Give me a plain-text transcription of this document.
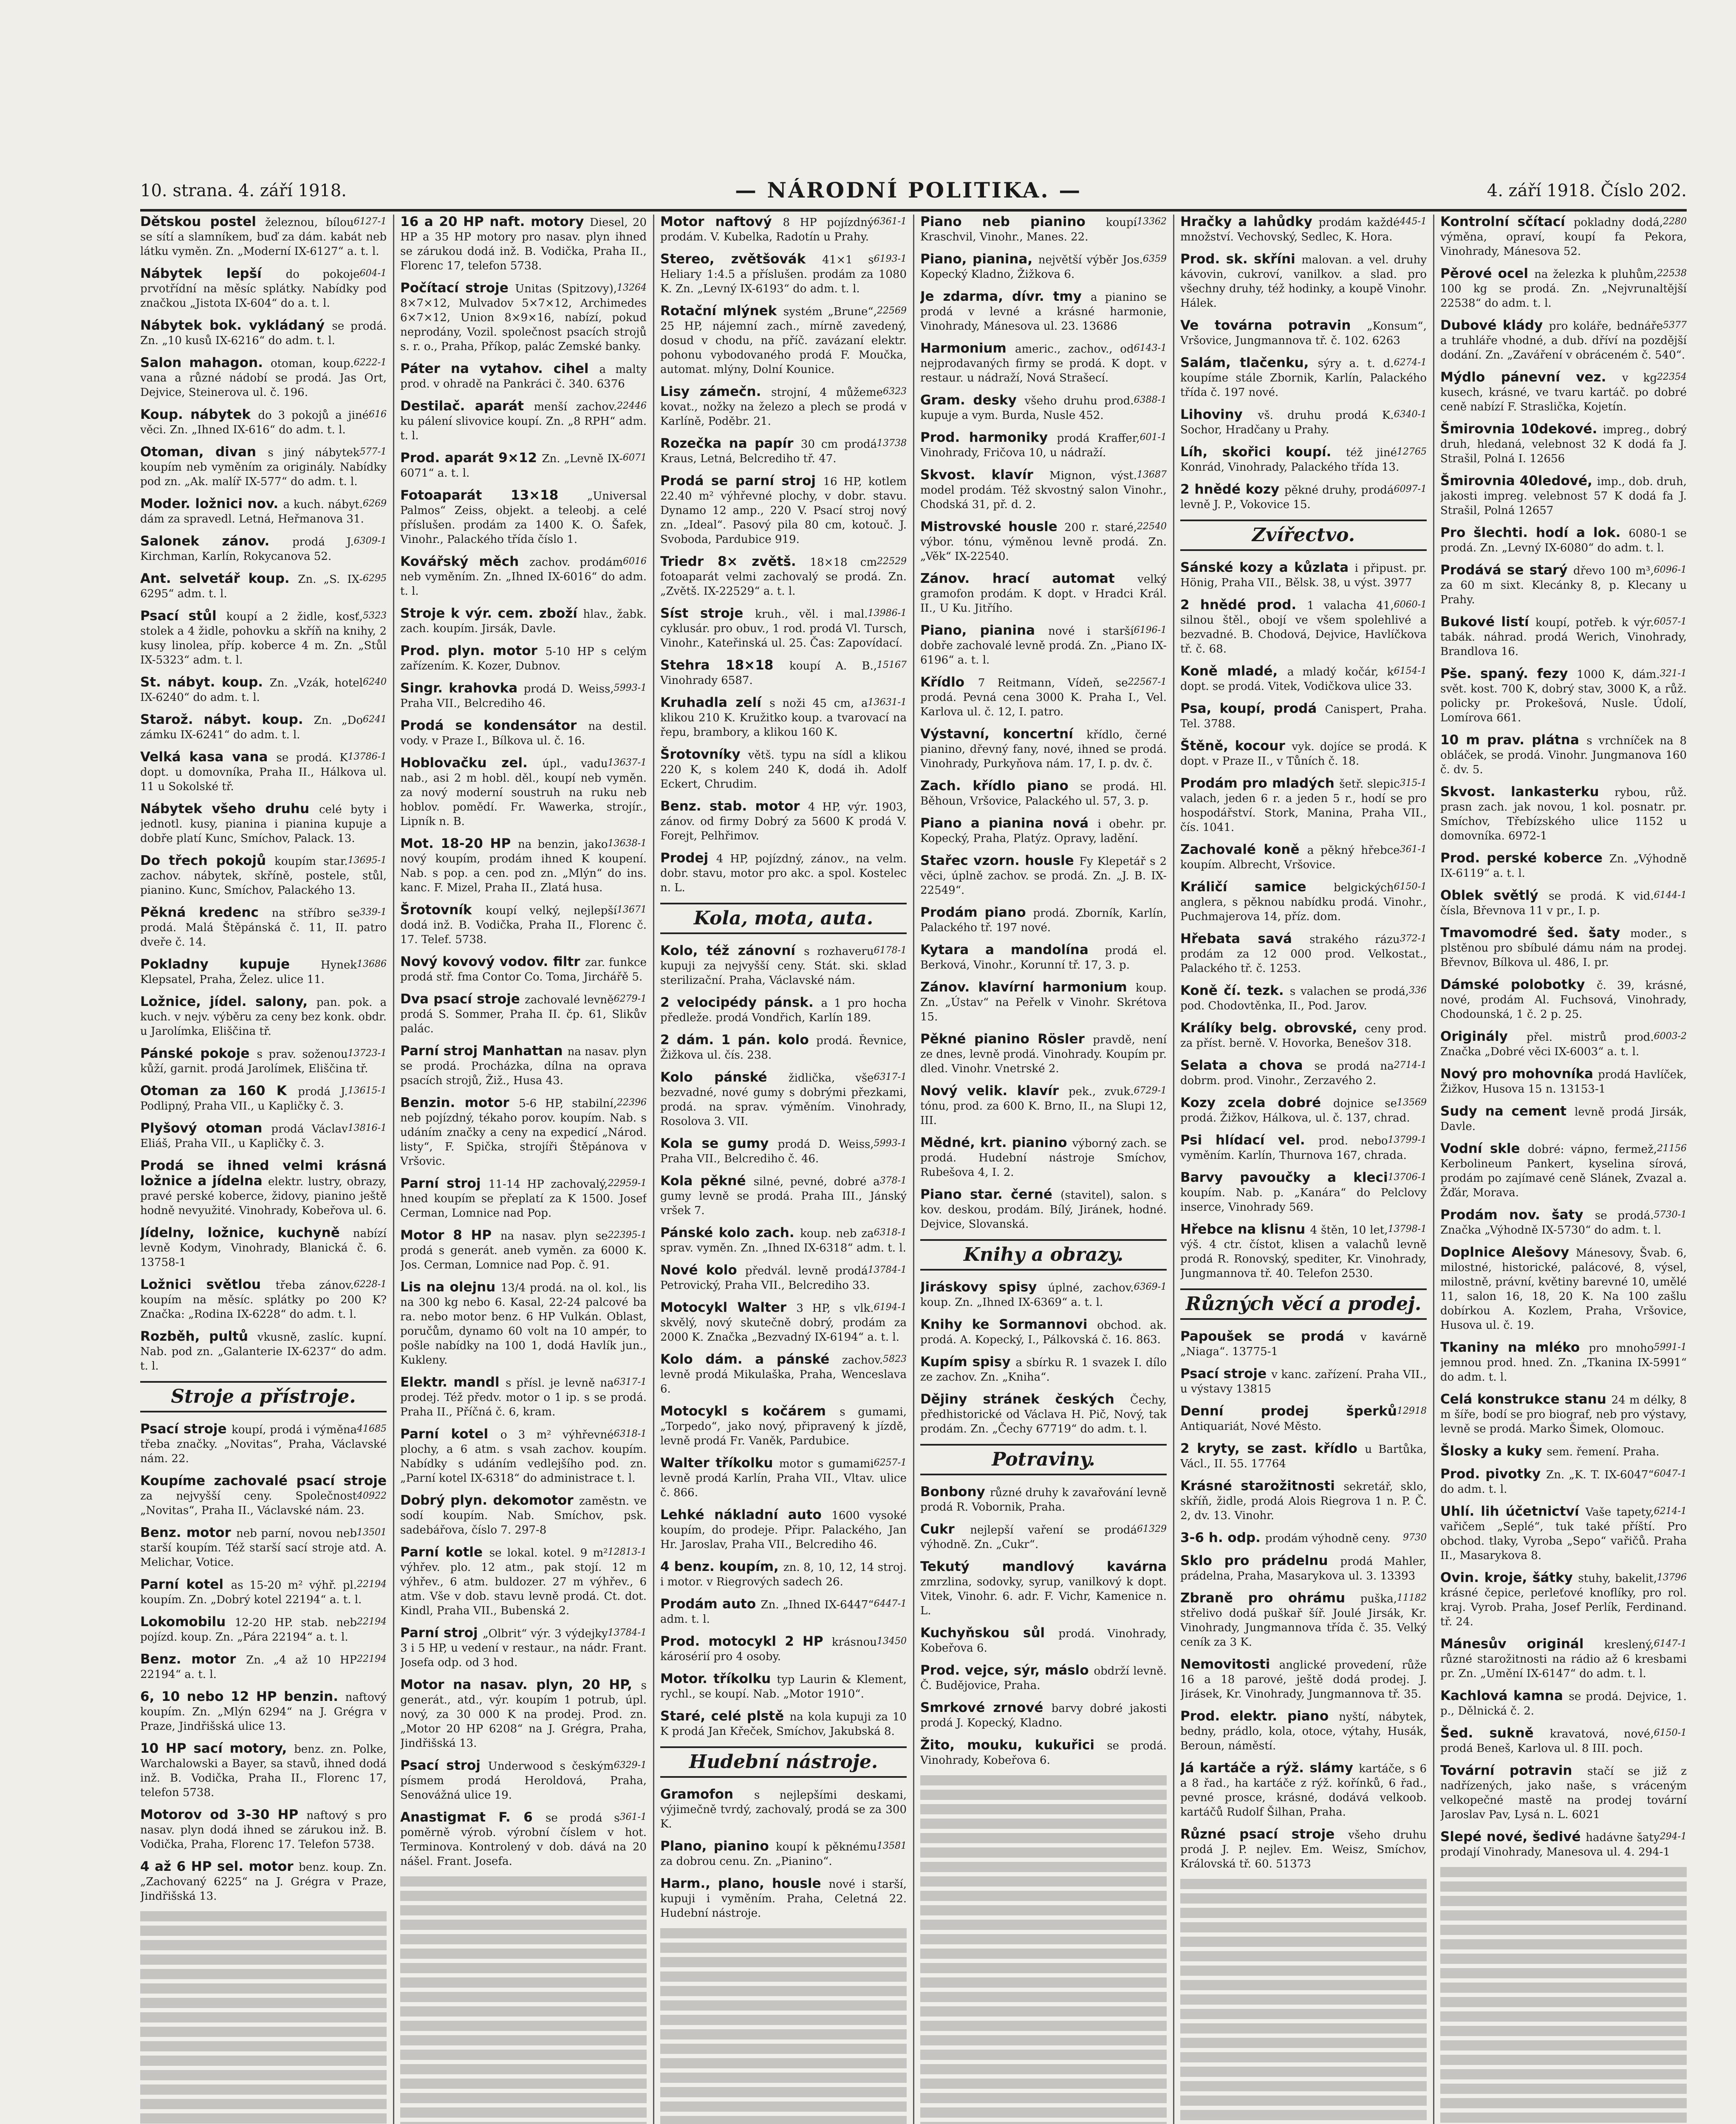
10. strana. 4. září 1918.	— NÁRODNÍ POLITIKA. —	4. září 1918. Číslo 202.
Dětskou postel	6127-1
železnou, bílou se sítí a slamníkem, buď za dám. kabát neb látku vyměn. Zn. „Moderní IX-6127“ a. t. l.
Nábytek lepší	604-1
do pokoje prvotřídní na měsíc splátky. Nabídky pod značkou „Jistota IX-604“ do a. t. l.
Nábytek bok. vykládaný se prodá. Zn. „10 kusů IX-6216“ do adm. t. l.
Salon mahagon.	6222-1
otoman, koup. vana a různé nádobí se prodá. Jas Ort, Dejvice, Steinerova ul. č. 196.
Koup. nábytek	616
do 3 pokojů a jiné věci. Zn. „Ihned IX-616“ do adm. t. l.
Otoman, divan	577-1
s jiný nábytek koupím neb vyměním za originály. Nabídky pod zn. „Ak. malíř IX-577“ do adm. t. l.
Moder. ložnici nov.	6269
a kuch. nábyt. dám za spravedl. Letná, Heřmanova 31.
Salonek zánov.	6309-1
prodá J. Kirchman, Karlín, Rokycanova 52.
Ant. selvetář koup.	6295
Zn. „S. IX-6295“ adm. t. l.
Psací stůl	5323
koupí a 2 židle, kosť, stolek a 4 židle, pohovku a skříň na knihy, 2 kusy linolea, příp. koberce 4 m. Zn. „Stůl IX-5323“ adm. t. l.
St. nábyt. koup.	6240
Zn. „Vzák, hotel IX-6240“ do adm. t. l.
Starož. nábyt. koup.	6241
Zn. „Do zámku IX-6241“ do adm. t. l.
Velká kasa vana	13786-1
se prodá. K dopt. u domovníka, Praha II., Hálkova ul. 11 u Sokolské tř.
Nábytek všeho druhu celé byty i jednotl. kusy, pianina i pianina kupuje a dobře platí Kunc, Smíchov, Palack. 13.
Do třech pokojů	13695-1
koupím star. zachov. nábytek, skříně, postele, stůl, pianino. Kunc, Smíchov, Palackého 13.
Pěkná kredenc	339-1
na stříbro se prodá. Malá Štěpánská č. 11, II. patro dveře č. 14.
Pokladny kupuje	13686
Hynek Klepsatel, Praha, Želez. ulice 11.
Ložnice, jídel. salony, pan. pok. a kuch. v nejv. výběru za ceny bez konk. obdr. u Jarolímka, Eliščina tř.
Pánské pokoje	13723-1
s prav. soženou kůží, garnit. prodá Jarolímek, Eliščina tř.
Otoman za 160 K	13615-1
prodá J. Podlipný, Praha VII., u Kapličky č. 3.
Plyšový otoman	13816-1
prodá Václav Eliáš, Praha VII., u Kapličky č. 3.
Prodá se ihned velmi krásná ložnice a jídelna elektr. lustry, obrazy, pravé perské koberce, židovy, pianino ještě hodně nevyužité. Vinohrady, Kobeřova ul. 6.
Jídelny, ložnice, kuchyně nabízí levně Kodym, Vinohrady, Blanická č. 6. 13758-1
Ložnici světlou	6228-1
třeba zánov. koupím na měsíc. splátky po 200 K? Značka: „Rodina IX-6228“ do adm. t. l.
Rozběh, pultů vkusně, zaslíc. kupní. Nab. pod zn. „Galanterie IX-6237“ do adm. t. l.
Stroje a přístroje.
Psací stroje	41685
koupí, prodá i výměna třeba značky. „Novitas“, Praha, Václavské nám. 22.
Koupíme zachovalé psací stroje
40922
za nejvyšší ceny. Společnost „Novitas“, Praha II., Václavské nám. 23.
Benz. motor	13501
neb parní, novou neb starší koupím. Též starší sací stroje atd. A. Melichar, Votice.
Parní kotel	22194
as 15-20 m² výhř. pl. koupím. Zn. „Dobrý kotel 22194“ a. t. l.
Lokomobilu	22194
12-20 HP. stab. neb pojízd. koup. Zn. „Pára 22194“ a. t. l.
Benz. motor	22194
Zn. „4 až 10 HP 22194“ a. t. l.
6, 10 nebo 12 HP benzin. naftový koupím. Zn. „Mlýn 6294“ na J. Grégra v Praze, Jindřišská ulice 13.
10 HP sací motory, benz. zn. Polke, Warchalowski a Bayer, sa stavů, ihned dodá inž. B. Vodička, Praha II., Florenc 17, telefon 5738.
Motorov od 3-30 HP naftový s pro nasav. plyn dodá ihned se zárukou inž. B. Vodička, Praha, Florenc 17. Telefon 5738.
4 až 6 HP sel. motor benz. koup. Zn. „Zachovaný 6225“ na J. Grégra v Praze, Jindřišská 13.
16 a 20 HP naft. motory Diesel, 20 HP a 35 HP motory pro nasav. plyn ihned se zárukou dodá inž. B. Vodička, Praha II., Florenc 17, telefon 5738.
Počítací stroje	13264
Unitas (Spitzovy), 8×7×12, Mulvadov 5×7×12, Archimedes 6×7×12, Union 8×9×16, nabízí, pokud neprodány, Vozil. společnost psacích strojů s. r. o., Praha, Příkop, palác Zemské banky.
Páter na vytahov. cihel a malty prod. v ohradě na Pankráci č. 340. 6376
Destilač. aparát	22446
menší zachov. ku pálení slivovice koupí. Zn. „8 RPH“ adm. t. l.
Prod. aparát 9×12	6071
Zn. „Levně IX-6071“ a. t. l.
Fotoaparát 13×18 „Universal Palmos“ Zeiss, objekt. a teleobj. a celé příslušen. prodám za 1400 K. O. Šafek, Vinohr., Palackého třída číslo 1.
Kovářský měch	6016
zachov. prodám neb vyměním. Zn. „Ihned IX-6016“ do adm. t. l.
Stroje k výr. cem. zboží hlav., žabk. zach. koupím. Jirsák, Davle.
Prod. plyn. motor 5-10 HP s celým zařízením. K. Kozer, Dubnov.
Singr. krahovka	5993-1
prodá D. Weiss, Praha VII., Belcrediho 46.
Prodá se kondensátor na destil. vody. v Praze I., Bílkova ul. č. 16.
Hoblovačku zel.	13637-1
úpl., vadu nab., asi 2 m hobl. děl., koupí neb vyměn. za nový moderní soustruh na ruku neb hoblov. pomědí. Fr. Wawerka, strojír., Lipník n. B.
Mot. 18-20 HP	13638-1
na benzin, jako nový koupím, prodám ihned K koupení. Nab. s pop. a cen. pod zn. „Mlýn“ do ins. kanc. F. Mizel, Praha II., Zlatá husa.
Šrotovník	13671
koupí velký, nejlepší dodá inž. B. Vodička, Praha II., Florenc č. 17. Telef. 5738.
Nový kovový vodov. filtr zar. funkce prodá stř. fma Contor Co. Toma, Jirchářě 5.
Dva psací stroje	6279-1
zachovalé levně prodá S. Sommer, Praha II. čp. 61, Slikův palác.
Parní stroj Manhattan na nasav. plyn se prodá. Procházka, dílna na oprava psacích strojů, Žiž., Husa 43.
Benzin. motor	22396
5-6 HP, stabilní, neb pojízdný, tékaho porov. koupím. Nab. s udáním značky a ceny na expedicí „Národ. listy“, F. Spička, strojíři Štěpánova v Vršovic.
Parní stroj	22959-1
11-14 HP zachovalý, hned koupím se přeplatí za K 1500. Josef Cerman, Lomnice nad Pop.
Motor 8 HP	22395-1
na nasav. plyn se prodá s generát. aneb vyměn. za 6000 K. Jos. Cerman, Lomnice nad Pop. č. 91.
Lis na olejnu 13/4 prodá. na ol. kol., lis na 300 kg nebo 6. Kasal, 22-24 palcové ba ra. nebo motor benz. 6 HP Vulkán. Oblast, poručům, dynamo 60 volt na 10 ampér, to pošle nabídky na 100 1, dodá Havlík jun., Kukleny.
Elektr. mandl	6317-1
s přísl. je levně na prodej. Též předv. motor o 1 ip. s se prodá. Praha II., Příčná č. 6, kram.
Parní kotel	6318-1
o 3 m² výhřevné plochy, a 6 atm. s vsah zachov. koupím. Nabídky s udáním vedlejšího pod. zn. „Parní kotel IX-6318“ do administrace t. l.
Dobrý plyn. dekomotor zaměstn. ve sodí koupím. Nab. Smíchov, psk. sadebářova, číslo 7. 297-8
Parní kotle	12813-1
se lokal. kotel. 9 m² výhřev. plo. 12 atm., pak stojí. 12 m výhřev., 6 atm. buldozer. 27 m výhřev., 6 atm. Vše v dob. stavu levně prodá. Ct. dot. Kindl, Praha VII., Bubenská 2.
Parní stroj	13784-1
„Olbrit“ výr. 3 výdejky 3 i 5 HP, u vedení v restaur., na nádr. Frant. Josefa odp. od 3 hod.
Motor na nasav. plyn, 20 HP, s generát., atd., výr. koupím 1 potrub, úpl. nový, za 30 000 K na prodej. Prod. zn. „Motor 20 HP 6208“ na J. Grégra, Praha, Jindřišská 13.
Psací stroj	6329-1
Underwood s českým písmem prodá Heroldová, Praha, Senovážná ulice 19.
Anastigmat F. 6	361-1
se prodá s poměrně výrob. výrobní číslem v hot. Terminova. Kontrolený v dob. dává na 20 nášel. Frant. Josefa.
Motor naftový	6361-1
8 HP pojízdný prodám. V. Kubelka, Radotín u Prahy.
Stereo, zvětšovák	6193-1
41×1 s Heliary 1:4.5 a příslušen. prodám za 1080 K. Zn. „Levný IX-6193“ do adm. t. l.
Rotační mlýnek	22569
systém „Brune“, 25 HP, nájemní zach., mírně zavedený, dosud v chodu, na příč. zavázaní elektr. pohonu vybodovaného prodá F. Moučka, automat. mlýny, Dolní Kounice.
Lisy zámečn.	6323
strojní, 4 můžeme kovat., nožky na železo a plech se prodá v Karlíně, Poděbr. 21.
Rozečka na papír	13738
30 cm prodá Kraus, Letná, Belcrediho tř. 47.
Prodá se parní stroj 16 HP, kotlem 22.40 m² výhřevné plochy, v dobr. stavu. Dynamo 12 amp., 220 V. Psací stroj nový zn. „Ideal“. Pasový pila 80 cm, kotouč. J. Svoboda, Pardubice 919.
Triedr 8× zvětš.	22529
18×18 cm fotoaparát velmi zachovalý se prodá. Zn. „Zvětš. IX-22529“ a. t. l.
Síst stroje	13986-1
kruh., věl. i mal. cyklusár. pro obuv., 1 rod. prodá Vl. Tursch, Vinohr., Kateřinská ul. 25. Čas: Zapovídací.
Stehra 18×18	15167
koupí A. B., Vinohrady 6587.
Kruhadla zelí	13631-1
s noži 45 cm, a klikou 210 K. Kružitko koup. a tvarovací na řepu, brambory, a klikou 160 K.
Šrotovníky větš. typu na sídl a klikou 220 K, s kolem 240 K, dodá ih. Adolf Eckert, Chrudim.
Benz. stab. motor 4 HP, výr. 1903, zánov. od firmy Dobrý za 5600 K prodá V. Forejt, Pelhřimov.
Prodej 4 HP, pojízdný, zánov., na velm. dobr. stavu, motor pro akc. a spol. Kostelec n. L.
Kola, mota, auta.
Kolo, též zánovní	6178-1
s rozhaveru kupuji za nejvyšší ceny. Stát. ski. sklad sterilizační. Praha, Václavské nám.
2 velocipédy pánsk. a 1 pro hocha předleže. prodá Vondřich, Karlín 189.
2 dám. 1 pán. kolo prodá. Řevnice, Žižkova ul. čís. 238.
Kolo pánské	6317-1
židlička, vše bezvadné, nové gumy s dobrými přezkami, prodá. na sprav. výměním. Vinohrady, Rosolova 3. VII.
Kola se gumy	5993-1
prodá D. Weiss, Praha VII., Belcrediho č. 46.
Kola pěkné	378-1
silné, pevné, dobré a gumy levně se prodá. Praha III., Jánský vršek 7.
Pánské kolo zach.	6318-1
koup. neb za sprav. vyměn. Zn. „Ihned IX-6318“ adm. t. l.
Nové kolo	13784-1
předvál. levně prodá Petrovický, Praha VII., Belcrediho 33.
Motocykl Walter	6194-1
3 HP, s vlk. skvělý, nový skutečně dobrý, prodám za 2000 K. Značka „Bezvadný IX-6194“ a. t. l.
Kolo dám. a pánské	5823
zachov. levně prodá Mikulaška, Praha, Wenceslava 6.
Motocykl s kočárem s gumami, „Torpedo“, jako nový, připravený k jízdě, levně prodá Fr. Vaněk, Pardubice.
Walter tříkolku	6257-1
motor s gumami levně prodá Karlín, Praha VII., Vltav. ulice č. 866.
Lehké nákladní auto 1600 vysoké koupím, do prodeje. Připr. Palackého, Jan Hr. Jaroslav, Praha VII., Belcrediho 46.
4 benz. koupím, zn. 8, 10, 12, 14 stroj. i motor. v Riegrových sadech 26.
Prodám auto	6447-1
Zn. „Ihned IX-6447“ adm. t. l.
Prod. motocykl 2 HP	13450
krásnou károsérií pro 4 osoby.
Motor. tříkolku typ Laurin & Klement, rychl., se koupí. Nab. „Motor 1910“.
Staré, celé plstě na kola kupuji za 10 K prodá Jan Křeček, Smíchov, Jakubská 8.
Hudební nástroje.
Gramofon s nejlepšími deskami, výjimečně tvrdý, zachovalý, prodá se za 300 K.
Plano, pianino	13581
koupí k pěknému za dobrou cenu. Zn. „Pianino“.
Harm., plano, housle nové i starší, kupuji i vyměním. Praha, Celetná 22. Hudební nástroje.
Piano neb pianino	13362
koupí Kraschvil, Vinohr., Manes. 22.
Piano, pianina,	6359
největší výběr Jos. Kopecký Kladno, Žižkova 6.
Je zdarma, dívr. tmy a pianino se prodá v levné a krásné harmonie, Vinohrady, Mánesova ul. 23. 13686
Harmonium	6143-1
americ., zachov., od nejprodavaných firmy se prodá. K dopt. v restaur. u nádraží, Nová Strašecí.
Gram. desky	6388-1
všeho druhu prod. kupuje a vym. Burda, Nusle 452.
Prod. harmoniky	601-1
prodá Kraffer, Vinohrady, Fričova 10, u nádraží.
Skvost. klavír	13687
Mignon, výst. model prodám. Též skvostný salon Vinohr., Chodská 31, př. d. 2.
Mistrovské housle	22540
200 r. staré, výbor. tónu, výměnou levně prodá. Zn. „Věk“ IX-22540.
Zánov. hrací automat velký gramofon prodám. K dopt. v Hradci Král. II., U Ku. Jitřího.
Piano, pianina	6196-1
nové i starší dobře zachovalé levně prodá. Zn. „Piano IX-6196“ a. t. l.
Křídlo	22567-1
7 Reitmann, Vídeň, se prodá. Pevná cena 3000 K. Praha I., Vel. Karlova ul. č. 12, I. patro.
Výstavní, koncertní křídlo, černé pianino, dřevný fany, nové, ihned se prodá. Vinohrady, Purkyňova nám. 17, I. p. dv. č.
Zach. křídlo piano se prodá. Hl. Běhoun, Vršovice, Palackého ul. 57, 3. p.
Piano a pianina nová i obehr. pr. Kopecký, Praha, Platýz. Opravy, ladění.
Stařec vzorn. housle Fy Klepetář s 2 věci, úplně zachov. se prodá. Zn. „J. B. IX-22549“.
Prodám piano prodá. Zborník, Karlín, Palackého tř. 197 nové.
Kytara a mandolína prodá el. Berková, Vinohr., Korunní tř. 17, 3. p.
Zánov. klavírní harmonium koup. Zn. „Ústav“ na Peřelk v Vinohr. Skrétova 15.
Pěkné pianino Rösler pravdě, není ze dnes, levně prodá. Vinohrady. Koupím pr. dled. Vinohr. Vnetrské 2.
Nový velik. klavír	6729-1
pek., zvuk. tónu, prod. za 600 K. Brno, II., na Slupi 12, III.
Mědné, krt. pianino výborný zach. se prodá. Hudební nástroje Smíchov, Rubešova 4, I. 2.
Piano star. černé (stavitel), salon. s kov. deskou, prodám. Bílý, Jiránek, hodné. Dejvice, Slovanská.
Knihy a obrazy.
Jiráskovy spisy	6369-1
úplné, zachov. koup. Zn. „Ihned IX-6369“ a. t. l.
Knihy ke Sormannovi obchod. ak. prodá. A. Kopecký, I., Pálkovská č. 16. 863.
Kupím spisy a sbírku R. 1 svazek I. dílo ze zachov. Zn. „Kniha“.
Dějiny stránek českých Čechy, předhistorické od Václava H. Pič, Nový, tak prodám. Zn. „Čechy 67719“ do adm. t. l.
Potraviny.
Bonbony různé druhy k zavařování levně prodá R. Vobornik, Praha.
Cukr	61329
nejlepší vaření se prodá výhodně. Zn. „Cukr“.
Tekutý mandlový kavárna zmrzlina, sodovky, syrup, vanilkový k dopt. Vitek, Vinohr. 6. adr. F. Vichr, Kamenice n. L.
Kuchyňskou sůl prodá. Vinohrady, Kobeřova 6.
Prod. vejce, sýr, máslo obdrží levně. Č. Budějovice, Praha.
Smrkové zrnové barvy dobré jakosti prodá J. Kopecký, Kladno.
Žito, mouku, kukuřici se prodá. Vinohrady, Kobeřova 6.
Hračky a lahůdky	445-1
prodám každé množství. Vechovský, Sedlec, K. Hora.
Prod. sk. skříni malovan. a vel. druhy kávovin, cukroví, vanilkov. a slad. pro všechny druhy, též hodinky, a koupě Vinohr. Hálek.
Ve továrna potravin „Konsum“, Vršovice, Jungmannova tř. č. 102. 6263
Salám, tlačenku,	6274-1
sýry a. t. d. koupíme stále Zbornik, Karlín, Palackého třída č. 197 nové.
Lihoviny	6340-1
vš. druhu prodá K. Sochor, Hradčany u Prahy.
Líh, skořici koupí.	12765
též jiné Konrád, Vinohrady, Palackého třída 13.
2 hnědé kozy	6097-1
pěkné druhy, prodá levně J. P., Vokovice 15.
Zvířectvo.
Sánské kozy a kůzlata i připust. pr. Hönig, Praha VII., Bělsk. 38, u výst. 3977
2 hnědé prod.	6060-1
1 valacha 41, silnou štěl., obojí ve všem spolehlivé a bezvadné. B. Chodová, Dejvice, Havlíčkova tř. č. 68.
Koně mladé,	6154-1
a mladý kočár, k dopt. se prodá. Vitek, Vodičkova ulice 33.
Psa, koupí, prodá Canispert, Praha. Tel. 3788.
Štěně, kocour vyk. dojíce se prodá. K dopt. v Praze II., v Tůních č. 18.
Prodám pro mladých	315-1
šetř. slepic valach, jeden 6 r. a jeden 5 r., hodí se pro hospodářství. Stork, Manina, Praha VII., čís. 1041.
Zachovalé koně	361-1
a pěkný hřebce koupím. Albrecht, Vršovice.
Králičí samice	6150-1
belgických anglera, s pěknou nabídku prodá. Vinohr., Puchmajerova 14, příz. dom.
Hřebata savá	372-1
strakého rázu prodám za 12 000 prod. Velkostat., Palackého tř. č. 1253.
Koně čí. tezk.	336
s valachen se prodá, pod. Chodovtěnka, II., Pod. Jarov.
Králíky belg. obrovské, ceny prod. za příst. berně. V. Hovorka, Benešov 318.
Selata a chova	2714-1
se prodá na dobrm. prod. Vinohr., Zerzavého 2.
Kozy zcela dobré	13569
dojnice se prodá. Žižkov, Hálkova, ul. č. 137, chrad.
Psi hlídací vel.	13799-1
prod. nebo vyměním. Karlín, Thurnova 167, chrada.
Barvy pavoučky a kleci 13706-1
koupím. Nab. p. „Kanára“ do Pelclovy inserce, Vinohrady 569.
Hřebce na klisnu	13798-1
4 štěn, 10 let, výš. 4 ctr. čístot, klisen a valachů levně prodá R. Ronovský, spediter, Kr. Vinohrady, Jungmannova tř. 40. Telefon 2530.
Různých věcí a prodej.
Papoušek se prodá v kavárně „Niaga“. 13775-1
Psací stroje v kanc. zařízení. Praha VII., u výstavy 13815
Denní prodej šperků 12918
Antiquariát, Nové Město.
2 kryty, se zast. křídlo u Bartůka, Václ., II. 55. 17764
Krásné starožitnosti sekretář, sklo, skříň, židle, prodá Alois Riegrova 1 n. P. Č. 2, dv. 13. Vinohr.
3-6 h. odp.	9730
prodám výhodně ceny.
Sklo pro prádelnu prodá Mahler, prádelna, Praha, Masarykova ul. 3. 13393
Zbraně pro ohrámu	11182
puška, střelivo dodá puškař šíř. Joulé Jirsák, Kr. Vinohrady, Jungmannova třída č. 35. Velký ceník za 3 K.
Nemovitosti anglické provedení, růže 16 a 18 parové, ještě dodá prodej. J. Jirásek, Kr. Vinohrady, Jungmannova tř. 35.
Prod. elektr. piano nyští, nábytek, bedny, prádlo, kola, otoce, výtahy, Husák, Beroun, náměstí.
Já kartáče a rýž. slámy kartáče, s 6 a 8 řad., ha kartáče z rýž. kořínků, 6 řad., pevné prosce, krásné, dodává velkoob. kartáčů Rudolf Šilhan, Praha.
Různé psací stroje všeho druhu prodá J. P. nejlev. Em. Weisz, Smíchov, Královská tř. 60. 51373
Kontrolní sčítací	2280
pokladny dodá, výměna, opraví, koupí fa Pekora, Vinohrady, Mánesova 52.
Pěrové ocel	22538
na železka k pluhům, 100 kg se prodá. Zn. „Nejvrunaltější 22538“ do adm. t. l.
Dubové klády	5377
pro koláře, bednáře a truhláře vhodné, a dub. dříví na pozdější dodání. Zn. „Zaváření v obráceném č. 540“.
Mýdlo pánevní vez.	22354
v kg kusech, krásné, ve tvaru kartáč. po dobré ceně nabízí F. Straslička, Kojetín.
Šmirovnia 10dekové. impreg., dobrý druh, hledaná, velebnost 32 K dodá fa J. Strašil, Polná I. 12656
Šmirovnia 40ledové, imp., dob. druh, jakosti impreg. velebnost 57 K dodá fa J. Strašil, Polná 12657
Pro šlechti. hodí a lok. 6080-1 se prodá. Zn. „Levný IX-6080“ do adm. t. l.
Prodává se starý	6096-1
dřevo 100 m³, za 60 m sixt. Klecánky 8, p. Klecany u Prahy.
Bukové listí	6057-1
koupí, potřeb. k výr. tabák. náhrad. prodá Werich, Vinohrady, Brandlova 16.
Pše. spaný. fezy	321-1
1000 K, dám. svět. kost. 700 K, dobrý stav, 3000 K, a růž. policky pr. Prokešová, Nusle. Údolí, Lomírova 661.
10 m prav. plátna s vrchníček na 8 obláček, se prodá. Vinohr. Jungmanova 160 č. dv. 5.
Skvost. lankasterku rybou, růž. prasn zach. jak novou, 1 kol. posnatr. pr. Smíchov, Třebízského ulice 1152 u domovníka. 6972-1
Prod. perské koberce Zn. „Výhodně IX-6119“ a. t. l.
Oblek světlý	6144-1
se prodá. K vid. čísla, Břevnova 11 v pr., I. p.
Tmavomodré šed. šaty moder., s plstěnou pro sbíbulé dámu nám na prodej. Břevnov, Bílkova ul. 486, I. pr.
Dámské polobotky č. 39, krásné, nové, prodám Al. Fuchsová, Vinohrady, Chodounská, 1 č. 2 p. 25.
Originály	6003-2
přel. mistrů prod. Značka „Dobré věci IX-6003“ a. t. l.
Nový pro mohovníka prodá Havlíček, Žižkov, Husova 15 n. 13153-1
Sudy na cement levně prodá Jirsák, Davle.
Vodní skle	21156
dobré: vápno, fermež, Kerbolineum Pankert, kyselina sírová, prodám po zajímavé ceně Slánek, Zvazal a. Žďár, Morava.
Prodám nov. šaty	5730-1
se prodá. Značka „Výhodně IX-5730“ do adm. t. l.
Doplnice Alešovy Mánesovy, Švab. 6, milostné, historické, palácové, 8, výsel, milostně, právní, květiny barevné 10, umělé 11, salon 16, 18, 20 K. Na 100 zašlu dobírkou A. Kozlem, Praha, Vršovice, Husova ul. č. 19.
Tkaniny na mléko	5991-1
pro mnoho jemnou prod. hned. Zn. „Tkanina IX-5991“ do adm. t. l.
Celá konstrukce stanu 24 m délky, 8 m šíře, bodí se pro biograf, neb pro výstavy, levně se prodá. Marko Šimek, Olomouc.
Šlosky a kuky sem. řemení. Praha.
Prod. pivotky	6047-1
Zn. „K. T. IX-6047“ do adm. t. l.
Uhlí. lih účetnictví	6214-1
Vaše tapety, vařičem „Seplé“, tuk také příští. Pro obchod. tlaky, Vyroba „Sepo“ vařičů. Praha II., Masarykova 8.
Ovin. kroje, šátky	13796
stuhy, bakelit, krásné čepice, perleťové knoflíky, pro rol. kraj. Vyrob. Praha, Josef Perlík, Ferdinand. tř. 24.
Mánesův originál	6147-1
kreslený, různé starožitnosti na rádio až 6 kresbami pr. Zn. „Umění IX-6147“ do adm. t. l.
Kachlová kamna se prodá. Dejvice, 1. p., Dělnická č. 2.
Šed. sukně	6150-1
kravatová, nové, prodá Beneš, Karlova ul. 8 III. poch.
Tovární potravin stačí se již z nadřízených, jako naše, s vráceným velkopečné mastě na prodej tovární Jaroslav Pav, Lysá n. L. 6021
Slepé nové, šedivé	294-1
hadávne šaty prodají Vinohrady, Manesova ul. 4. 294-1
